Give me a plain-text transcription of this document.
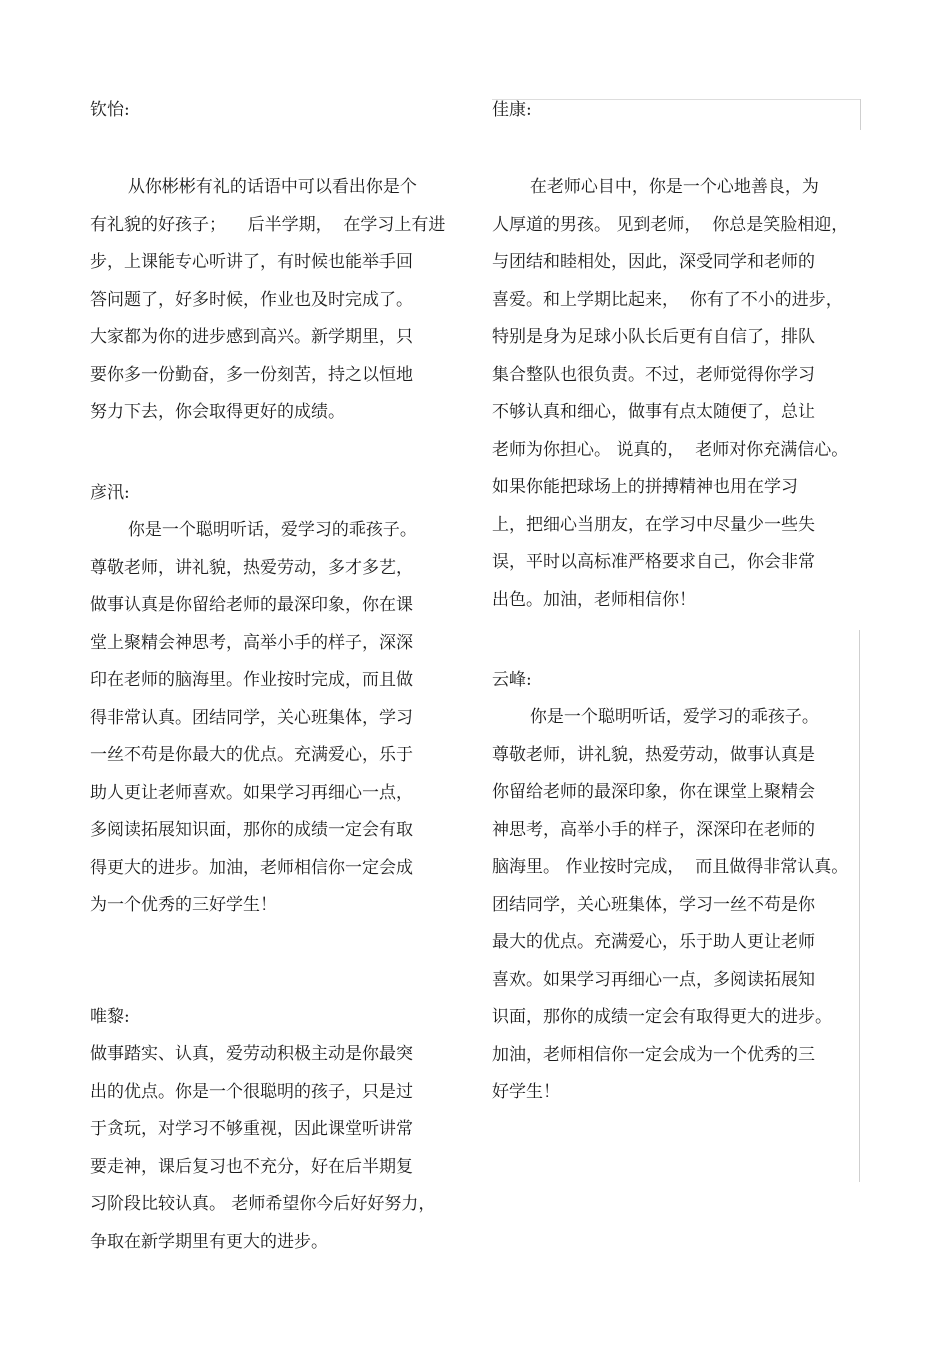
钦怡:
从你彬彬有礼的话语中可以看出你是个
有礼貌的好孩子；    后半学期，  在学习上有进
步，上课能专心听讲了，有时候也能举手回
答问题了，好多时候，作业也及时完成了。
大家都为你的进步感到高兴。新学期里，只
要你多一份勤奋，多一份刻苦，持之以恒地
努力下去，你会取得更好的成绩。
彦汛:
你是一个聪明听话，爱学习的乖孩子。
尊敬老师，讲礼貌，热爱劳动，多才多艺，
做事认真是你留给老师的最深印象，你在课
堂上聚精会神思考，高举小手的样子，深深
印在老师的脑海里。作业按时完成，而且做
得非常认真。团结同学，关心班集体，学习
一丝不苟是你最大的优点。充满爱心，乐于
助人更让老师喜欢。如果学习再细心一点，
多阅读拓展知识面，那你的成绩一定会有取
得更大的进步。加油，老师相信你一定会成
为一个优秀的三好学生！
唯黎:
做事踏实、认真，爱劳动积极主动是你最突
出的优点。你是一个很聪明的孩子，只是过
于贪玩，对学习不够重视，因此课堂听讲常
要走神，课后复习也不充分，好在后半期复
习阶段比较认真。 老师希望你今后好好努力，
争取在新学期里有更大的进步。
佳康:
在老师心目中，你是一个心地善良，为
人厚道的男孩。 见到老师，  你总是笑脸相迎，
与团结和睦相处，因此，深受同学和老师的
喜爱。和上学期比起来，  你有了不小的进步，
特别是身为足球小队长后更有自信了，排队
集合整队也很负责。不过，老师觉得你学习
不够认真和细心，做事有点太随便了，总让
老师为你担心。 说真的，  老师对你充满信心。
如果你能把球场上的拼搏精神也用在学习
上，把细心当朋友，在学习中尽量少一些失
误，平时以高标准严格要求自己，你会非常
出色。加油，老师相信你！
云峰:
你是一个聪明听话，爱学习的乖孩子。
尊敬老师，讲礼貌，热爱劳动，做事认真是
你留给老师的最深印象，你在课堂上聚精会
神思考，高举小手的样子，深深印在老师的
脑海里。 作业按时完成，  而且做得非常认真。
团结同学，关心班集体，学习一丝不苟是你
最大的优点。充满爱心，乐于助人更让老师
喜欢。如果学习再细心一点，多阅读拓展知
识面，那你的成绩一定会有取得更大的进步。
加油，老师相信你一定会成为一个优秀的三
好学生！
